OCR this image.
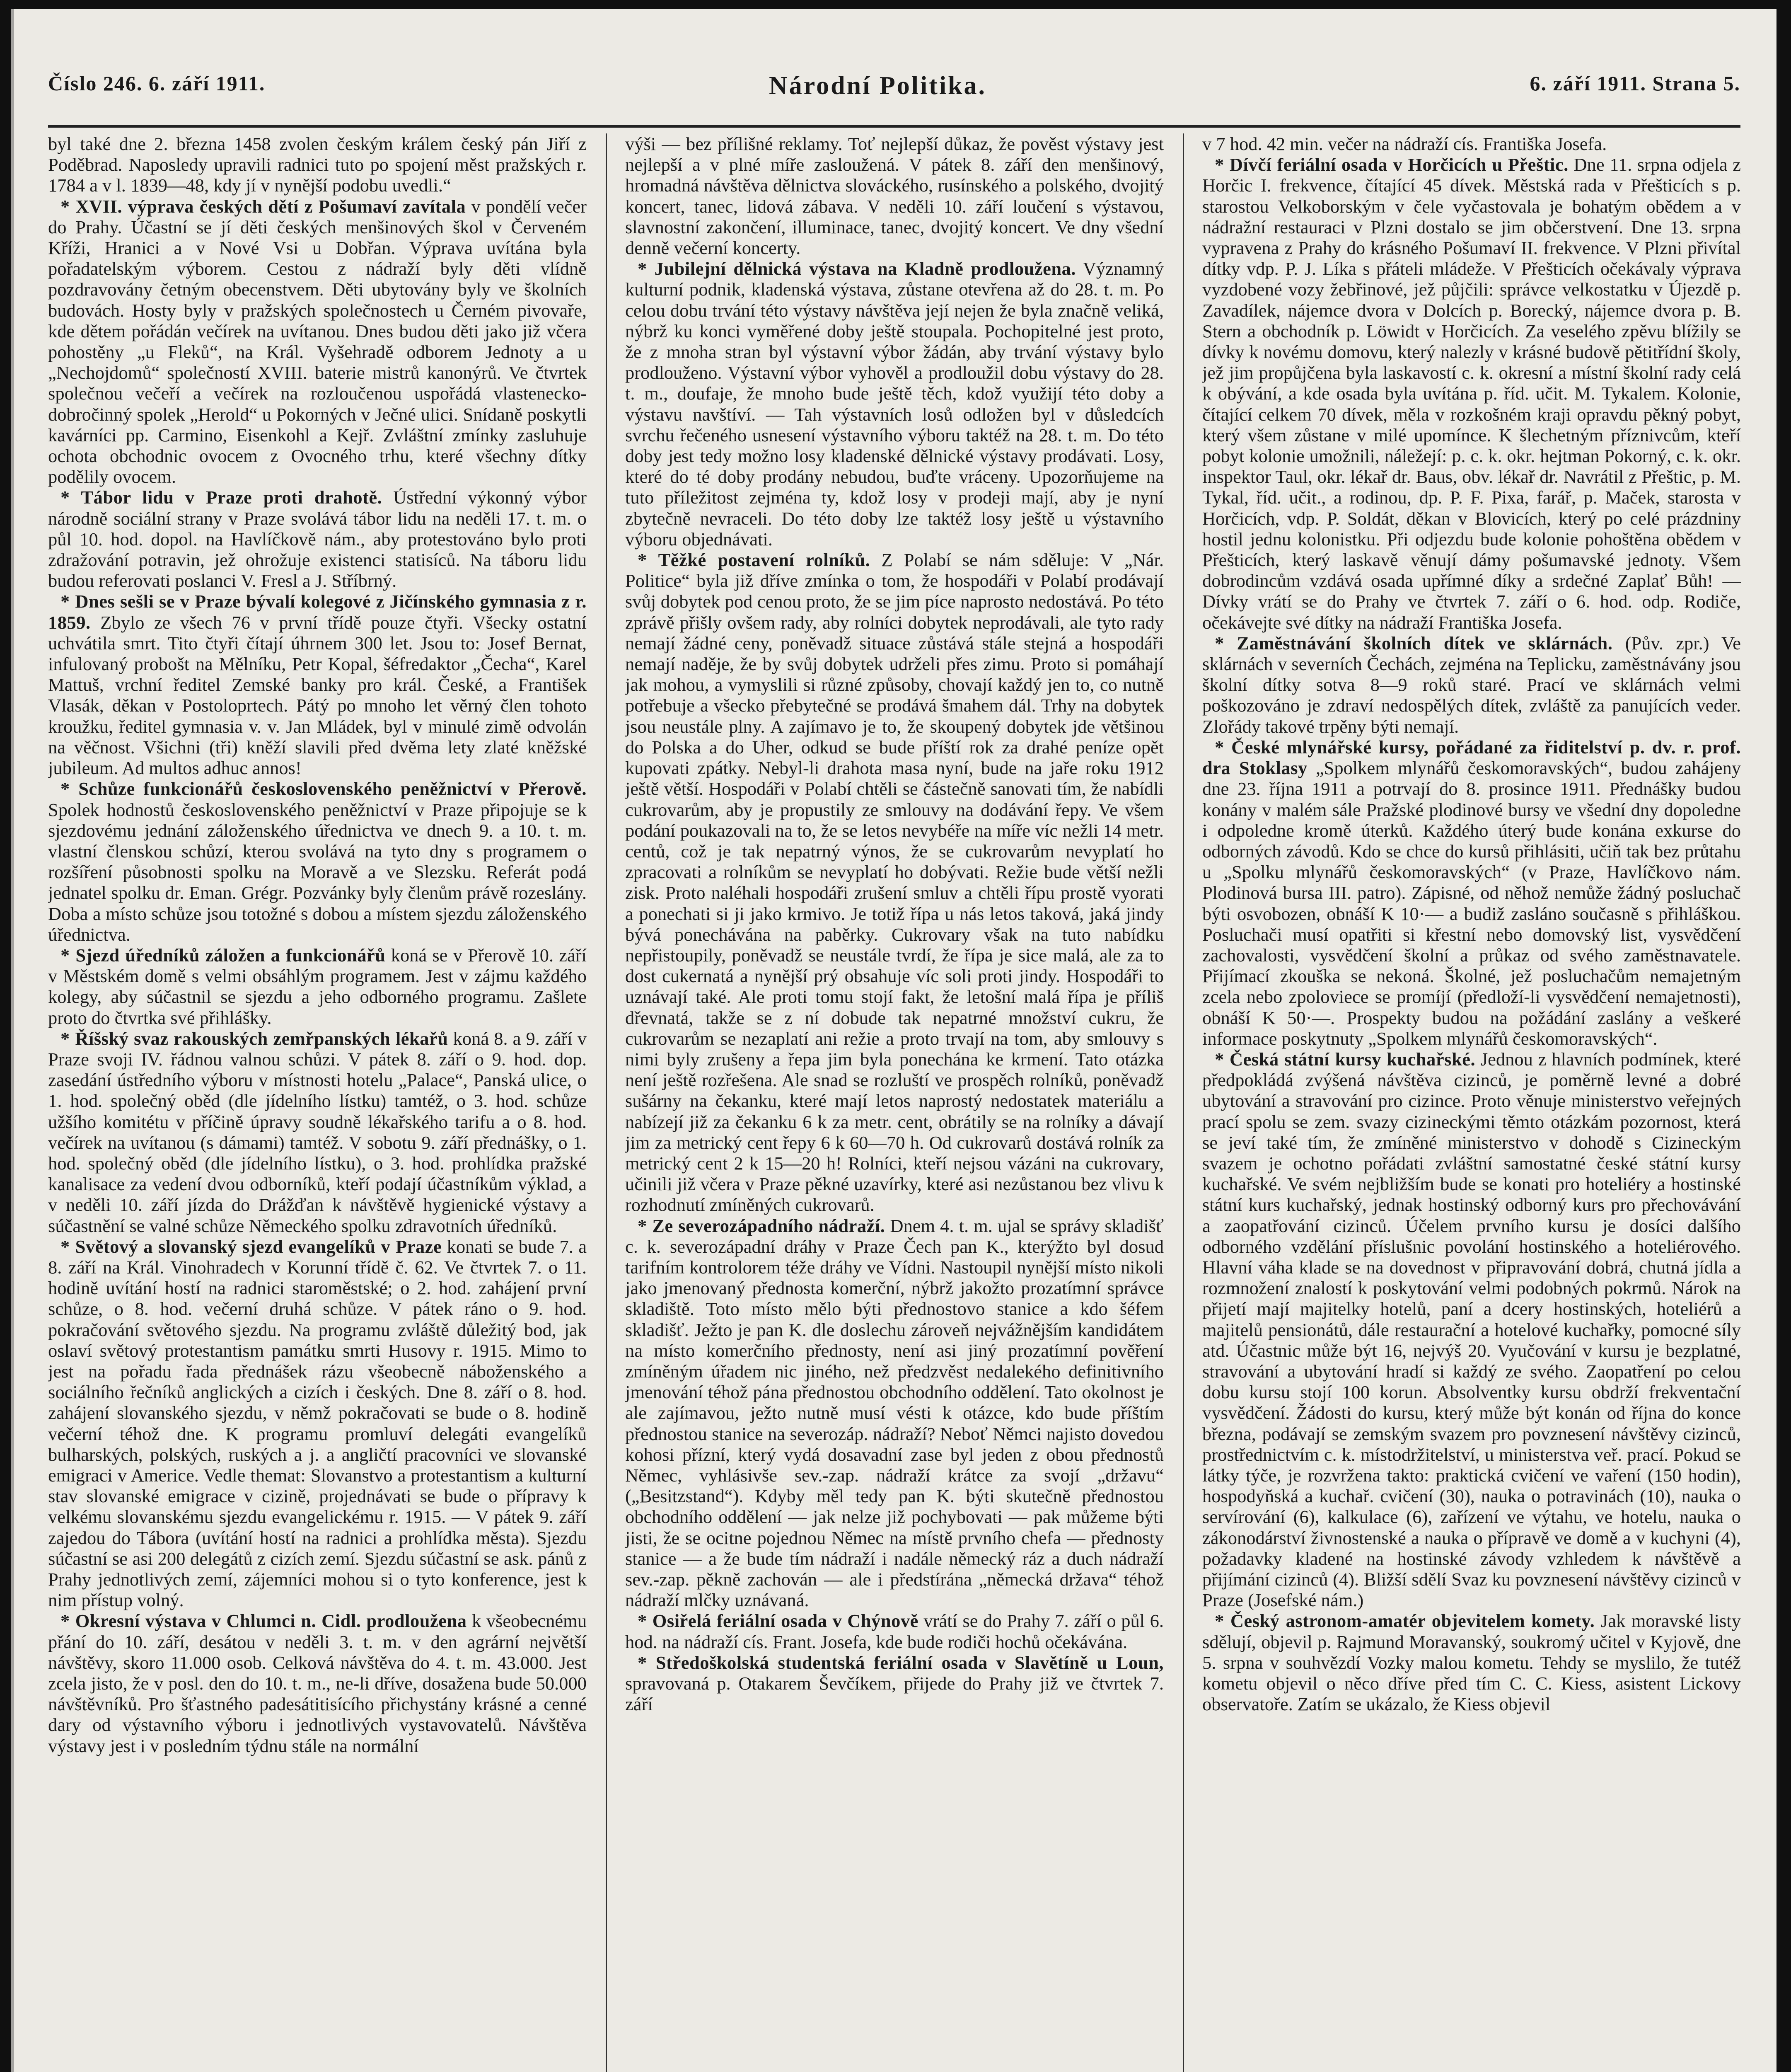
Číslo 246. 6. září 1911.	Národní Politika.	6. září 1911. Strana 5.

byl také dne 2. března 1458 zvolen českým králem český pán Jiří z Poděbrad. Naposledy upravili radnici tuto po spojení měst pražských r. 1784 a v l. 1839—48, kdy jí v nynější podobu uvedli.“

* XVII. výprava českých dětí z Pošumaví zavítala v pondělí večer do Prahy. Účastní se jí děti českých menšinových škol v Červeném Kříži, Hranici a v Nové Vsi u Dobřan. Výprava uvítána byla pořadatelským výborem. Cestou z nádraží byly děti vlídně pozdravovány četným obecenstvem. Děti ubytovány byly ve školních budovách. Hosty byly v pražských společnostech u Černém pivovaře, kde dětem pořádán večírek na uvítanou. Dnes budou děti jako již včera pohostěny „u Fleků“, na Král. Vyšehradě odborem Jednoty a u „Nechojdomů“ společností XVIII. baterie mistrů kanonýrů. Ve čtvrtek společnou večeří a večírek na rozloučenou uspořádá vlastenecko-dobročinný spolek „Herold“ u Pokorných v Ječné ulici. Snídaně poskytli kavárníci pp. Carmino, Eisenkohl a Kejř. Zvláštní zmínky zasluhuje ochota obchodnic ovocem z Ovocného trhu, které všechny dítky podělily ovocem.

* Tábor lidu v Praze proti drahotě. Ústřední výkonný výbor národně sociální strany v Praze svolává tábor lidu na neděli 17. t. m. o půl 10. hod. dopol. na Havlíčkově nám., aby protestováno bylo proti zdražování potravin, jež ohrožuje existenci statisíců. Na táboru lidu budou referovati poslanci V. Fresl a J. Stříbrný.

* Dnes sešli se v Praze bývalí kolegové z Jičínského gymnasia z r. 1859. Zbylo ze všech 76 v první třídě pouze čtyři. Všecky ostatní uchvátila smrt. Tito čtyři čítají úhrnem 300 let. Jsou to: Josef Bernat, infulovaný probošt na Mělníku, Petr Kopal, šéfredaktor „Čecha“, Karel Mattuš, vrchní ředitel Zemské banky pro král. České, a František Vlasák, děkan v Postoloprtech. Pátý po mnoho let věrný člen tohoto kroužku, ředitel gymnasia v. v. Jan Mládek, byl v minulé zimě odvolán na věčnost. Všichni (tři) kněží slavili před dvěma lety zlaté kněžské jubileum. Ad multos adhuc annos!

* Schůze funkcionářů československého peněžnictví v Přerově. Spolek hodnostů československého peněžnictví v Praze připojuje se k sjezdovému jednání záloženského úřednictva ve dnech 9. a 10. t. m. vlastní členskou schůzí, kterou svolává na tyto dny s programem o rozšíření působnosti spolku na Moravě a ve Slezsku. Referát podá jednatel spolku dr. Eman. Grégr. Pozvánky byly členům právě rozeslány. Doba a místo schůze jsou totožné s dobou a místem sjezdu záloženského úřednictva.

* Sjezd úředníků záložen a funkcionářů koná se v Přerově 10. září v Městském domě s velmi obsáhlým programem. Jest v zájmu každého kolegy, aby súčastnil se sjezdu a jeho odborného programu. Zašlete proto do čtvrtka své přihlášky.

* Říšský svaz rakouských zemřpanských lékařů koná 8. a 9. září v Praze svoji IV. řádnou valnou schůzi. V pátek 8. září o 9. hod. dop. zasedání ústředního výboru v místnosti hotelu „Palace“, Panská ulice, o 1. hod. společný oběd (dle jídelního lístku) tamtéž, o 3. hod. schůze užšího komitétu v příčině úpravy soudně lékařského tarifu a o 8. hod. večírek na uvítanou (s dámami) tamtéž. V sobotu 9. září přednášky, o 1. hod. společný oběd (dle jídelního lístku), o 3. hod. prohlídka pražské kanalisace za vedení dvou odborníků, kteří podají účastníkům výklad, a v neděli 10. září jízda do Drážďan k návštěvě hygienické výstavy a súčastnění se valné schůze Německého spolku zdravotních úředníků.

* Světový a slovanský sjezd evangelíků v Praze konati se bude 7. a 8. září na Král. Vinohradech v Korunní třídě č. 62. Ve čtvrtek 7. o 11. hodině uvítání hostí na radnici staroměstské; o 2. hod. zahájení první schůze, o 8. hod. večerní druhá schůze. V pátek ráno o 9. hod. pokračování světového sjezdu. Na programu zvláště důležitý bod, jak oslaví světový protestantism památku smrti Husovy r. 1915. Mimo to jest na pořadu řada přednášek rázu všeobecně náboženského a sociálního řečníků anglických a cizích i českých. Dne 8. září o 8. hod. zahájení slovanského sjezdu, v němž pokračovati se bude o 8. hodině večerní téhož dne. K programu promluví delegáti evangelíků bulharských, polských, ruských a j. a angličtí pracovníci ve slovanské emigraci v Americe. Vedle themat: Slovanstvo a protestantism a kulturní stav slovanské emigrace v cizině, projednávati se bude o přípravy k velkému slovanskému sjezdu evangelickému r. 1915. — V pátek 9. září zajedou do Tábora (uvítání hostí na radnici a prohlídka města). Sjezdu súčastní se asi 200 delegátů z cizích zemí. Sjezdu súčastní se ask. pánů z Prahy jednotlivých zemí, zájemníci mohou si o tyto konference, jest k nim přístup volný.

* Okresní výstava v Chlumci n. Cidl. prodloužena k všeobecnému přání do 10. září, desátou v neděli 3. t. m. v den agrární největší návštěvy, skoro 11.000 osob. Celková návštěva do 4. t. m. 43.000. Jest zcela jisto, že v posl. den do 10. t. m., ne-li dříve, dosažena bude 50.000 návštěvníků. Pro šťastného padesátitisícího přichystány krásné a cenné dary od výstavního výboru i jednotlivých vystavovatelů. Návštěva výstavy jest i v posledním týdnu stále na normální

výši — bez přílišné reklamy. Toť nejlepší důkaz, že pověst výstavy jest nejlepší a v plné míře zasloužená. V pátek 8. září den menšinový, hromadná návštěva dělnictva slováckého, rusínského a polského, dvojitý koncert, tanec, lidová zábava. V neděli 10. září loučení s výstavou, slavnostní zakončení, illuminace, tanec, dvojitý koncert. Ve dny všední denně večerní koncerty.

* Jubilejní dělnická výstava na Kladně prodloužena. Významný kulturní podnik, kladenská výstava, zůstane otevřena až do 28. t. m. Po celou dobu trvání této výstavy návštěva její nejen že byla značně veliká, nýbrž ku konci vyměřené doby ještě stoupala. Pochopitelné jest proto, že z mnoha stran byl výstavní výbor žádán, aby trvání výstavy bylo prodlouženo. Výstavní výbor vyhověl a prodloužil dobu výstavy do 28. t. m., doufaje, že mnoho bude ještě těch, kdož využijí této doby a výstavu navštíví. — Tah výstavních losů odložen byl v důsledcích svrchu řečeného usnesení výstavního výboru taktéž na 28. t. m. Do této doby jest tedy možno losy kladenské dělnické výstavy prodávati. Losy, které do té doby prodány nebudou, buďte vráceny. Upozorňujeme na tuto příležitost zejména ty, kdož losy v prodeji mají, aby je nyní zbytečně nevraceli. Do této doby lze taktéž losy ještě u výstavního výboru objednávati.

* Těžké postavení rolníků. Z Polabí se nám sděluje: V „Nár. Politice“ byla již dříve zmínka o tom, že hospodáři v Polabí prodávají svůj dobytek pod cenou proto, že se jim píce naprosto nedostává. Po této zprávě přišly ovšem rady, aby rolníci dobytek neprodávali, ale tyto rady nemají žádné ceny, poněvadž situace zůstává stále stejná a hospodáři nemají naděje, že by svůj dobytek udrželi přes zimu. Proto si pomáhají jak mohou, a vymyslili si různé způsoby, chovají každý jen to, co nutně potřebuje a všecko přebytečné se prodává šmahem dál. Trhy na dobytek jsou neustále plny. A zajímavo je to, že skoupený dobytek jde většinou do Polska a do Uher, odkud se bude příští rok za drahé peníze opět kupovati zpátky. Nebyl-li drahota masa nyní, bude na jaře roku 1912 ještě větší. Hospodáři v Polabí chtěli se částečně sanovati tím, že nabídli cukrovarům, aby je propustily ze smlouvy na dodávání řepy. Ve všem podání poukazovali na to, že se letos nevybéře na míře víc nežli 14 metr. centů, což je tak nepatrný výnos, že se cukrovarům nevyplatí ho zpracovati a rolníkům se nevyplatí ho dobývati. Režie bude větší nežli zisk. Proto naléhali hospodáři zrušení smluv a chtěli řípu prostě vyorati a ponechati si ji jako krmivo. Je totiž řípa u nás letos taková, jaká jindy bývá ponechávána na paběrky. Cukrovary však na tuto nabídku nepřistoupily, poněvadž se neustále tvrdí, že řípa je sice malá, ale za to dost cukernatá a nynější prý obsahuje víc soli proti jindy. Hospodáři to uznávají také. Ale proti tomu stojí fakt, že letošní malá řípa je příliš dřevnatá, takže se z ní dobude tak nepatrné množství cukru, že cukrovarům se nezaplatí ani režie a proto trvají na tom, aby smlouvy s nimi byly zrušeny a řepa jim byla ponechána ke krmení. Tato otázka není ještě rozřešena. Ale snad se rozluští ve prospěch rolníků, poněvadž sušárny na čekanku, které mají letos naprostý nedostatek materiálu a nabízejí již za čekanku 6 k za metr. cent, obrátily se na rolníky a dávají jim za metrický cent řepy 6 k 60—70 h. Od cukrovarů dostává rolník za metrický cent 2 k 15—20 h! Rolníci, kteří nejsou vázáni na cukrovary, učinili již včera v Praze pěkné uzavírky, které asi nezůstanou bez vlivu k rozhodnutí zmíněných cukrovarů.

* Ze severozápadního nádraží. Dnem 4. t. m. ujal se správy skladišť c. k. severozápadní dráhy v Praze Čech pan K., kterýžto byl dosud tarifním kontrolorem téže dráhy ve Vídni. Nastoupil nynější místo nikoli jako jmenovaný přednosta komerční, nýbrž jakožto prozatímní správce skladiště. Toto místo mělo býti přednostovo stanice a kdo šéfem skladišť. Ježto je pan K. dle doslechu zároveň nejvážnějším kandidátem na místo komerčního přednosty, není asi jiný prozatímní pověření zmíněným úřadem nic jiného, než předzvěst nedalekého definitivního jmenování téhož pána přednostou obchodního oddělení. Tato okolnost je ale zajímavou, ježto nutně musí vésti k otázce, kdo bude příštím přednostou stanice na severozáp. nádraží? Neboť Němci najisto dovedou kohosi přízní, který vydá dosavadní zase byl jeden z obou přednostů Němec, vyhlásivše sev.-zap. nádraží krátce za svojí „državu“ („Besitzstand“). Kdyby měl tedy pan K. býti skutečně přednostou obchodního oddělení — jak nelze již pochybovati — pak můžeme býti jisti, že se ocitne pojednou Němec na místě prvního chefa — přednosty stanice — a že bude tím nádraží i nadále německý ráz a duch nádraží sev.-zap. pěkně zachován — ale i předstírána „německá država“ téhož nádraží mlčky uznávaná.

* Osiřelá feriální osada v Chýnově vrátí se do Prahy 7. září o půl 6. hod. na nádraží cís. Frant. Josefa, kde bude rodiči hochů očekávána.

* Středoškolská studentská feriální osada v Slavětíně u Loun, spravovaná p. Otakarem Ševčíkem, přijede do Prahy již ve čtvrtek 7. září

v 7 hod. 42 min. večer na nádraží cís. Františka Josefa.

* Dívčí feriální osada v Horčicích u Přeštic. Dne 11. srpna odjela z Horčic I. frekvence, čítající 45 dívek. Městská rada v Přešticích s p. starostou Velkoborským v čele vyčastovala je bohatým obědem a v nádražní restauraci v Plzni dostalo se jim občerstvení. Dne 13. srpna vypravena z Prahy do krásného Pošumaví II. frekvence. V Plzni přivítal dítky vdp. P. J. Líka s přáteli mládeže. V Přešticích očekávaly výprava vyzdobené vozy žebřinové, jež půjčili: správce velkostatku v Újezdě p. Zavadílek, nájemce dvora v Dolcích p. Borecký, nájemce dvora p. B. Stern a obchodník p. Löwidt v Horčicích. Za veselého zpěvu blížily se dívky k novému domovu, který nalezly v krásné budově pětitřídní školy, jež jim propůjčena byla laskavostí c. k. okresní a místní školní rady celá k obývání, a kde osada byla uvítána p. říd. učit. M. Tykalem. Kolonie, čítající celkem 70 dívek, měla v rozkošném kraji opravdu pěkný pobyt, který všem zůstane v milé upomínce. K šlechetným příznivcům, kteří pobyt kolonie umožnili, náležejí: p. c. k. okr. hejtman Pokorný, c. k. okr. inspektor Taul, okr. lékař dr. Baus, obv. lékař dr. Navrátil z Přeštic, p. M. Tykal, říd. učit., a rodinou, dp. P. F. Pixa, farář, p. Maček, starosta v Horčicích, vdp. P. Soldát, děkan v Blovicích, který po celé prázdniny hostil jednu kolonistku. Při odjezdu bude kolonie pohoštěna obědem v Přešticích, který laskavě věnují dámy pošumavské jednoty. Všem dobrodincům vzdává osada upřímné díky a srdečné Zaplať Bůh! — Dívky vrátí se do Prahy ve čtvrtek 7. září o 6. hod. odp. Rodiče, očekávejte své dítky na nádraží Františka Josefa.

* Zaměstnávání školních dítek ve sklárnách. (Pův. zpr.) Ve sklárnách v severních Čechách, zejména na Teplicku, zaměstnávány jsou školní dítky sotva 8—9 roků staré. Prací ve sklárnách velmi poškozováno je zdraví nedospělých dítek, zvláště za panujících veder. Zlořády takové trpěny býti nemají.

* České mlynářské kursy, pořádané za řiditelství p. dv. r. prof. dra Stoklasy „Spolkem mlynářů českomoravských“, budou zahájeny dne 23. října 1911 a potrvají do 8. prosince 1911. Přednášky budou konány v malém sále Pražské plodinové bursy ve všední dny dopoledne i odpoledne kromě úterků. Každého úterý bude konána exkurse do odborných závodů. Kdo se chce do kursů přihlásiti, učiň tak bez průtahu u „Spolku mlynářů českomoravských“ (v Praze, Havlíčkovo nám. Plodinová bursa III. patro). Zápisné, od něhož nemůže žádný posluchač býti osvobozen, obnáší K 10·— a budiž zasláno současně s přihláškou. Posluchači musí opatřiti si křestní nebo domovský list, vysvědčení zachovalosti, vysvědčení školní a průkaz od svého zaměstnavatele. Přijímací zkouška se nekoná. Školné, jež posluchačům nemajetným zcela nebo zpoloviece se promíjí (předloží-li vysvědčení nemajetnosti), obnáší K 50·—. Prospekty budou na požádání zaslány a veškeré informace poskytnuty „Spolkem mlynářů českomoravských“.

* Česká státní kursy kuchařské. Jednou z hlavních podmínek, které předpokládá zvýšená návštěva cizinců, je poměrně levné a dobré ubytování a stravování pro cizince. Proto věnuje ministerstvo veřejných prací spolu se zem. svazy cizineckými těmto otázkám pozornost, která se jeví také tím, že zmíněné ministerstvo v dohodě s Cizineckým svazem je ochotno pořádati zvláštní samostatné české státní kursy kuchařské. Ve svém nejbližším bude se konati pro hoteliéry a hostinské státní kurs kuchařský, jednak hostinský odborný kurs pro přechovávání a zaopatřování cizinců. Účelem prvního kursu je dosíci dalšího odborného vzdělání příslušnic povolání hostinského a hoteliérového. Hlavní váha klade se na dovednost v připravování dobrá, chutná jídla a rozmnožení znalostí k poskytování velmi podobných pokrmů. Nárok na přijetí mají majitelky hotelů, paní a dcery hostinských, hoteliérů a majitelů pensionátů, dále restaurační a hotelové kuchařky, pomocné síly atd. Účastnic může být 16, nejvýš 20. Vyučování v kursu je bezplatné, stravování a ubytování hradí si každý ze svého. Zaopatření po celou dobu kursu stojí 100 korun. Absolventky kursu obdrží frekventační vysvědčení. Žádosti do kursu, který může být konán od října do konce března, podávají se zemským svazem pro povznesení návštěvy cizinců, prostřednictvím c. k. místodržitelství, u ministerstva veř. prací. Pokud se látky týče, je rozvržena takto: praktická cvičení ve vaření (150 hodin), hospodyňská a kuchař. cvičení (30), nauka o potravinách (10), nauka o servírování (6), kalkulace (6), zařízení ve výtahu, ve hotelu, nauka o zákonodárství živnostenské a nauka o přípravě ve domě a v kuchyni (4), požadavky kladené na hostinské závody vzhledem k návštěvě a přijímání cizinců (4). Bližší sdělí Svaz ku povznesení návštěvy cizinců v Praze (Josefské nám.)

* Český astronom-amatér objevitelem komety. Jak moravské listy sdělují, objevil p. Rajmund Moravanský, soukromý učitel v Kyjově, dne 5. srpna v souhvězdí Vozky malou kometu. Tehdy se myslilo, že tutéž kometu objevil o něco dříve před tím C. C. Kiess, asistent Lickovy observatoře. Zatím se ukázalo, že Kiess objevil
